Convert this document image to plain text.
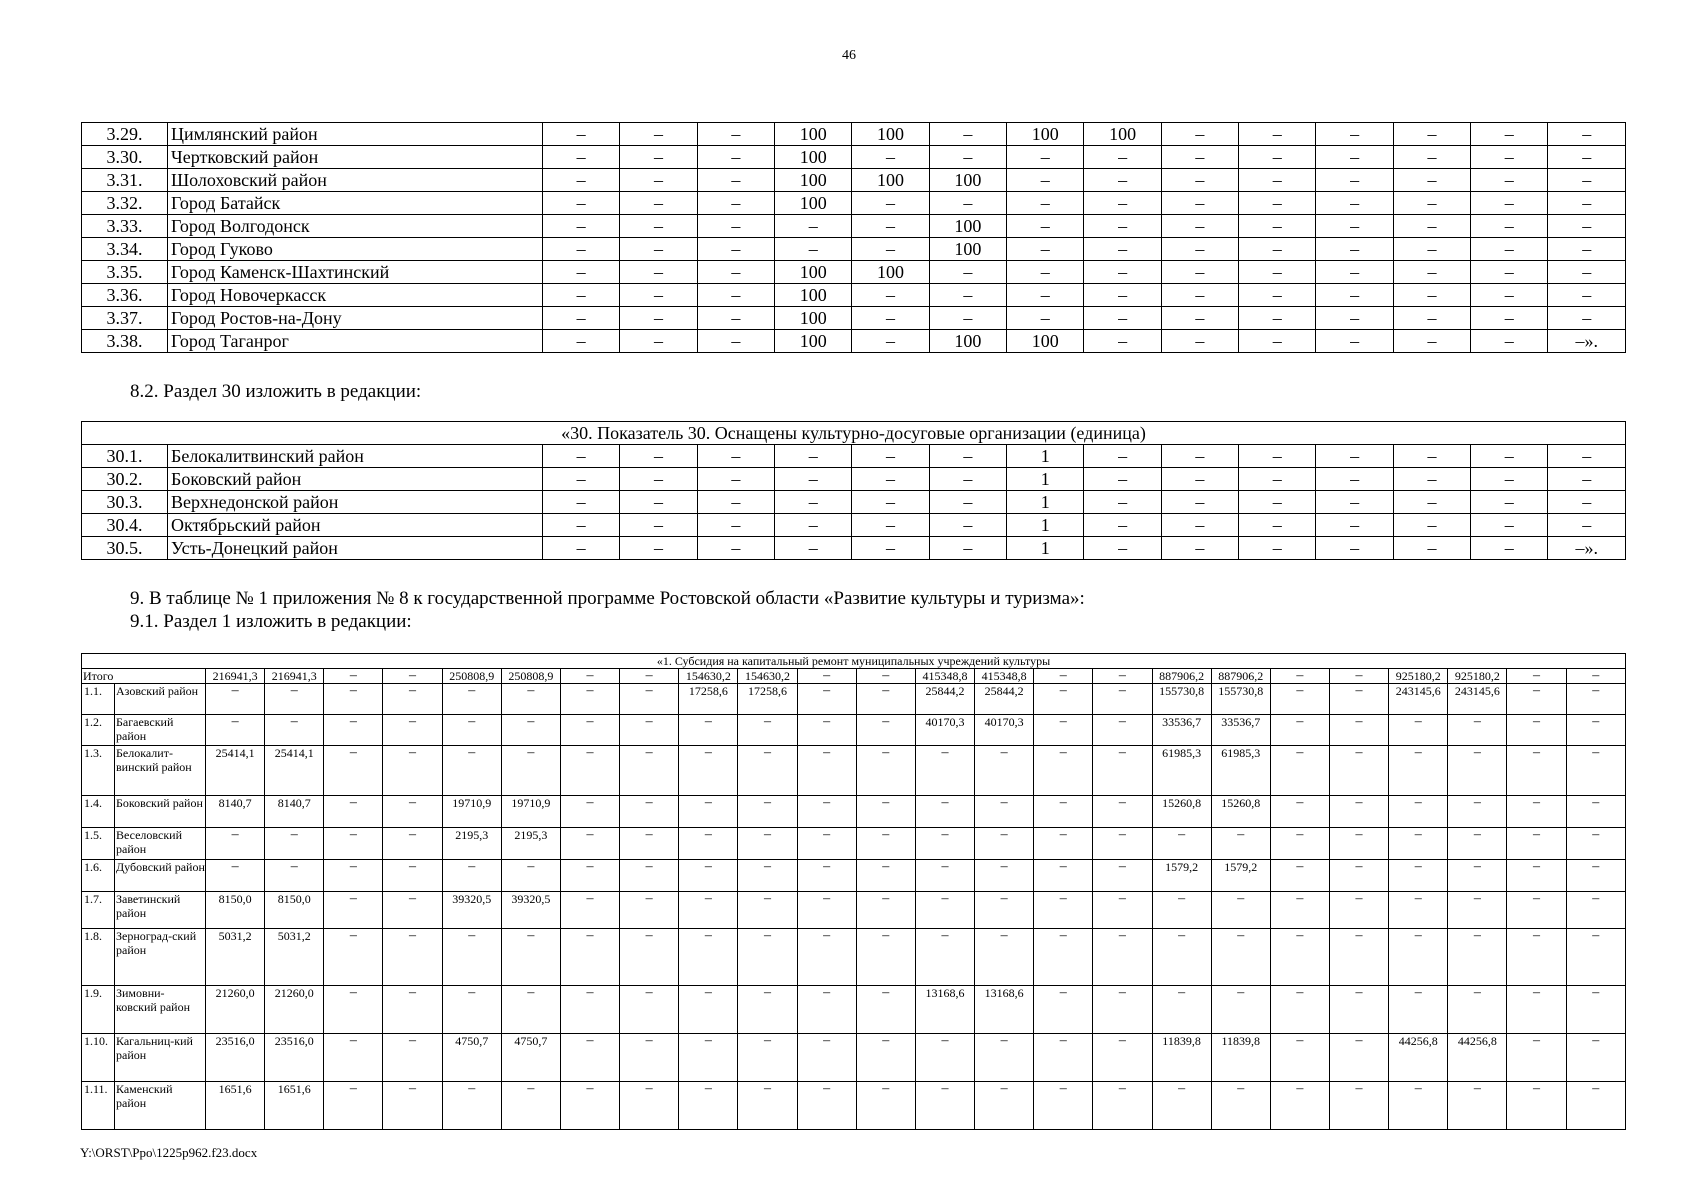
46
3.29.	Цимлянский район	–	–	–	100	100	–	100	100	–	–	–	–	–	–
3.30.	Чертковский район	–	–	–	100	–	–	–	–	–	–	–	–	–	–
3.31.	Шолоховский район	–	–	–	100	100	100	–	–	–	–	–	–	–	–
3.32.	Город Батайск	–	–	–	100	–	–	–	–	–	–	–	–	–	–
3.33.	Город Волгодонск	–	–	–	–	–	100	–	–	–	–	–	–	–	–
3.34.	Город Гуково	–	–	–	–	–	100	–	–	–	–	–	–	–	–
3.35.	Город Каменск-Шахтинский	–	–	–	100	100	–	–	–	–	–	–	–	–	–
3.36.	Город Новочеркасск	–	–	–	100	–	–	–	–	–	–	–	–	–	–
3.37.	Город Ростов-на-Дону	–	–	–	100	–	–	–	–	–	–	–	–	–	–
3.38.	Город Таганрог	–	–	–	100	–	100	100	–	–	–	–	–	–	–».
8.2. Раздел 30 изложить в редакции:
«30. Показатель 30. Оснащены культурно-досуговые организации (единица)															
30.1.	Белокалитвинский район	–	–	–	–	–	–	1	–	–	–	–	–	–	–
30.2.	Боковский район	–	–	–	–	–	–	1	–	–	–	–	–	–	–
30.3.	Верхнедонской район	–	–	–	–	–	–	1	–	–	–	–	–	–	–
30.4.	Октябрьский район	–	–	–	–	–	–	1	–	–	–	–	–	–	–
30.5.	Усть-Донецкий район	–	–	–	–	–	–	1	–	–	–	–	–	–	–».
9. В таблице № 1 приложения № 8 к государственной программе Ростовской области «Развитие культуры и туризма»:
9.1. Раздел 1 изложить в редакции:
«1. Субсидия на капитальный ремонт муниципальных учреждений культуры																									
Итого		216941,3	216941,3	–	–	250808,9	250808,9	–	–	154630,2	154630,2	–	–	415348,8	415348,8	–	–	887906,2	887906,2	–	–	925180,2	925180,2	–	–
1.1.	Азовский район	–	–	–	–	–	–	–	–	17258,6	17258,6	–	–	25844,2	25844,2	–	–	155730,8	155730,8	–	–	243145,6	243145,6	–	–
1.2.	Багаевский район	–	–	–	–	–	–	–	–	–	–	–	–	40170,3	40170,3	–	–	33536,7	33536,7	–	–	–	–	–	–
1.3.	Белокалит-винский район	25414,1	25414,1	–	–	–	–	–	–	–	–	–	–	–	–	–	–	61985,3	61985,3	–	–	–	–	–	–
1.4.	Боковский район	8140,7	8140,7	–	–	19710,9	19710,9	–	–	–	–	–	–	–	–	–	–	15260,8	15260,8	–	–	–	–	–	–
1.5.	Веселовский район	–	–	–	–	2195,3	2195,3	–	–	–	–	–	–	–	–	–	–	–	–	–	–	–	–	–	–
1.6.	Дубовский район	–	–	–	–	–	–	–	–	–	–	–	–	–	–	–	–	1579,2	1579,2	–	–	–	–	–	–
1.7.	Заветинский район	8150,0	8150,0	–	–	39320,5	39320,5	–	–	–	–	–	–	–	–	–	–	–	–	–	–	–	–	–	–
1.8.	Зерноград-ский район	5031,2	5031,2	–	–	–	–	–	–	–	–	–	–	–	–	–	–	–	–	–	–	–	–	–	–
1.9.	Зимовни-ковский район	21260,0	21260,0	–	–	–	–	–	–	–	–	–	–	13168,6	13168,6	–	–	–	–	–	–	–	–	–	–
1.10.	Кагальниц-кий район	23516,0	23516,0	–	–	4750,7	4750,7	–	–	–	–	–	–	–	–	–	–	11839,8	11839,8	–	–	44256,8	44256,8	–	–
1.11.	Каменский район	1651,6	1651,6	–	–	–	–	–	–	–	–	–	–	–	–	–	–	–	–	–	–	–	–	–	–
Y:\ORST\Ppo\1225p962.f23.docx
